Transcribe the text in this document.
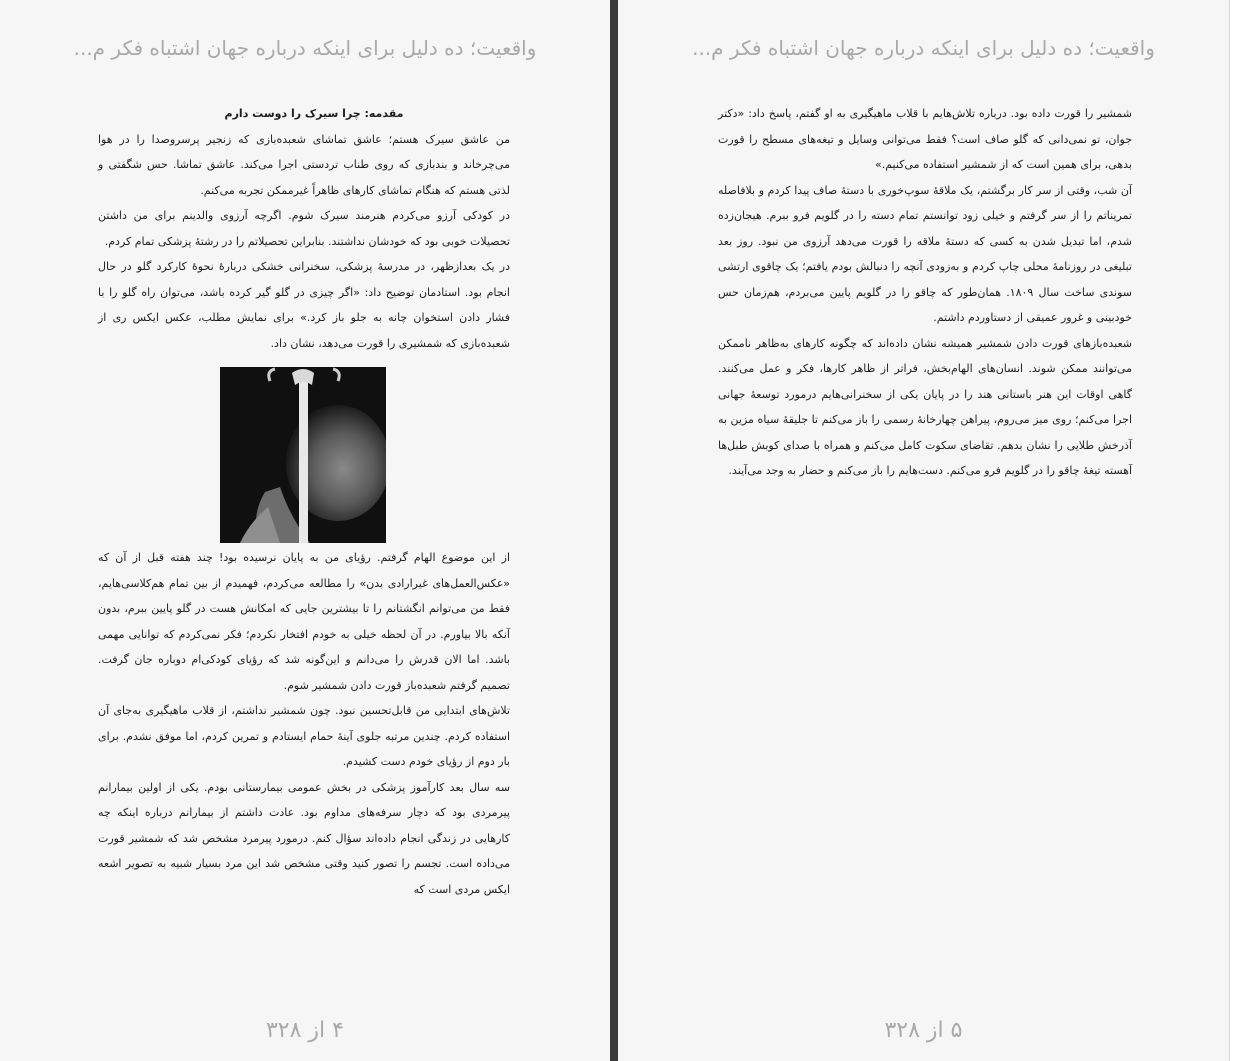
واقعیت؛ ده دلیل برای اینکه درباره جهان اشتباه فکر م...

مقدمه: چرا سیرک را دوست دارم

من عاشق سیرک هستم؛ عاشق تماشای شعبده‌بازی که زنجیر پرسروصدا را در هوا می‌چرخاند و بندبازی که روی طناب تردستی اجرا می‌کند. عاشق تماشا. حس شگفتی و لذتی هستم که هنگام تماشای کارهای ظاهراً غیرممکن تجربه می‌کنم.

در کودکی آرزو می‌کردم هنرمند سیرک شوم. اگرچه آرزوی والدینم برای من داشتن تحصیلات خوبی بود که خودشان نداشتند. بنابراین تحصیلاتم را در رشتهٔ پزشکی تمام کردم.

در یک بعدازظهر، در مدرسهٔ پزشکی، سخنرانی خشکی دربارهٔ نحوهٔ کارکرد گلو در حال انجام بود. استادمان توضیح داد: «اگر چیزی در گلو گیر کرده باشد، می‌توان راه گلو را با فشار دادن استخوان چانه به جلو باز کرد.» برای نمایش مطلب، عکس ایکس ری از شعبده‌بازی که شمشیری را قورت می‌دهد، نشان داد.

از این موضوع الهام گرفتم. رؤیای من به پایان نرسیده بود! چند هفته قبل از آن که «عکس‌العمل‌های غیرارادی بدن» را مطالعه می‌کردم، فهمیدم از بین تمام هم‌کلاسی‌هایم، فقط من می‌توانم انگشتانم را تا بیشترین جایی که امکانش هست در گلو پایین ببرم، بدون آنکه بالا بیاورم. در آن لحظه خیلی به خودم افتخار نکردم؛ فکر نمی‌کردم که توانایی مهمی باشد. اما الان قدرش را می‌دانم و این‌گونه شد که رؤیای کودکی‌ام دوباره جان گرفت. تصمیم گرفتم شعبده‌باز قورت دادن شمشیر شوم.

تلاش‌های ابتدایی من قابل‌تحسین نبود. چون شمشیر نداشتم، از قلاب ماهیگیری به‌جای آن استفاده کردم. چندین مرتبه جلوی آینهٔ حمام ایستادم و تمرین کردم، اما موفق نشدم. برای بار دوم از رؤیای خودم دست کشیدم.

سه سال بعد کارآموز پزشکی در بخش عمومی بیمارستانی بودم. یکی از اولین بیمارانم پیرمردی بود که دچار سرفه‌های مداوم بود. عادت داشتم از بیمارانم درباره اینکه چه کارهایی در زندگی انجام داده‌اند سؤال کنم. درمورد پیرمرد مشخص شد که شمشیر قورت می‌داده است. تجسم را تصور کنید وقتی مشخص شد این مرد بسیار شبیه به تصویر اشعه ایکس مردی است که

۴ از ۳۲۸
واقعیت؛ ده دلیل برای اینکه درباره جهان اشتباه فکر م...

شمشیر را قورت داده بود. درباره تلاش‌هایم با قلاب ماهیگیری به او گفتم، پاسخ داد: «دکتر جوان، تو نمی‌دانی که گلو صاف است؟ فقط می‌توانی وسایل و تیغه‌های مسطح را قورت بدهی، برای همین است که از شمشیر استفاده می‌کنیم.»

آن شب، وقتی از سر کار برگشتم، یک ملاقهٔ سوپ‌خوری با دستهٔ صاف پیدا کردم و بلافاصله تمریناتم را از سر گرفتم و خیلی زود توانستم تمام دسته را در گلویم فرو ببرم. هیجان‌زده شدم، اما تبدیل شدن به کسی که دستهٔ ملاقه را قورت می‌دهد آرزوی من نبود. روز بعد تبلیغی در روزنامهٔ محلی چاپ کردم و به‌زودی آنچه را دنبالش بودم یافتم؛ یک چاقوی ارتشی سوندی ساخت سال ۱۸۰۹. همان‌طور که چاقو را در گلویم پایین می‌بردم، هم‌زمان حس خودبینی و غرور عمیقی از دستاوردم داشتم.

شعبده‌بازهای قورت دادن شمشیر همیشه نشان داده‌اند که چگونه کارهای به‌ظاهر ناممکن می‌توانند ممکن شوند. انسان‌های الهام‌بخش، فراتر از ظاهر کارها، فکر و عمل می‌کنند. گاهی اوقات این هنر باستانی هند را در پایان یکی از سخنرانی‌هایم درمورد توسعهٔ جهانی اجرا می‌کنم؛ روی میز می‌روم، پیراهن چهارخانهٔ رسمی را باز می‌کنم تا جلیقهٔ سیاه مزین به آذرخش طلایی را نشان بدهم. تقاضای سکوت کامل می‌کنم و همراه با صدای کوبش طبل‌ها آهسته تیغهٔ چاقو را در گلویم فرو می‌کنم. دست‌هایم را باز می‌کنم و حضار به وجد می‌آیند.

۵ از ۳۲۸
